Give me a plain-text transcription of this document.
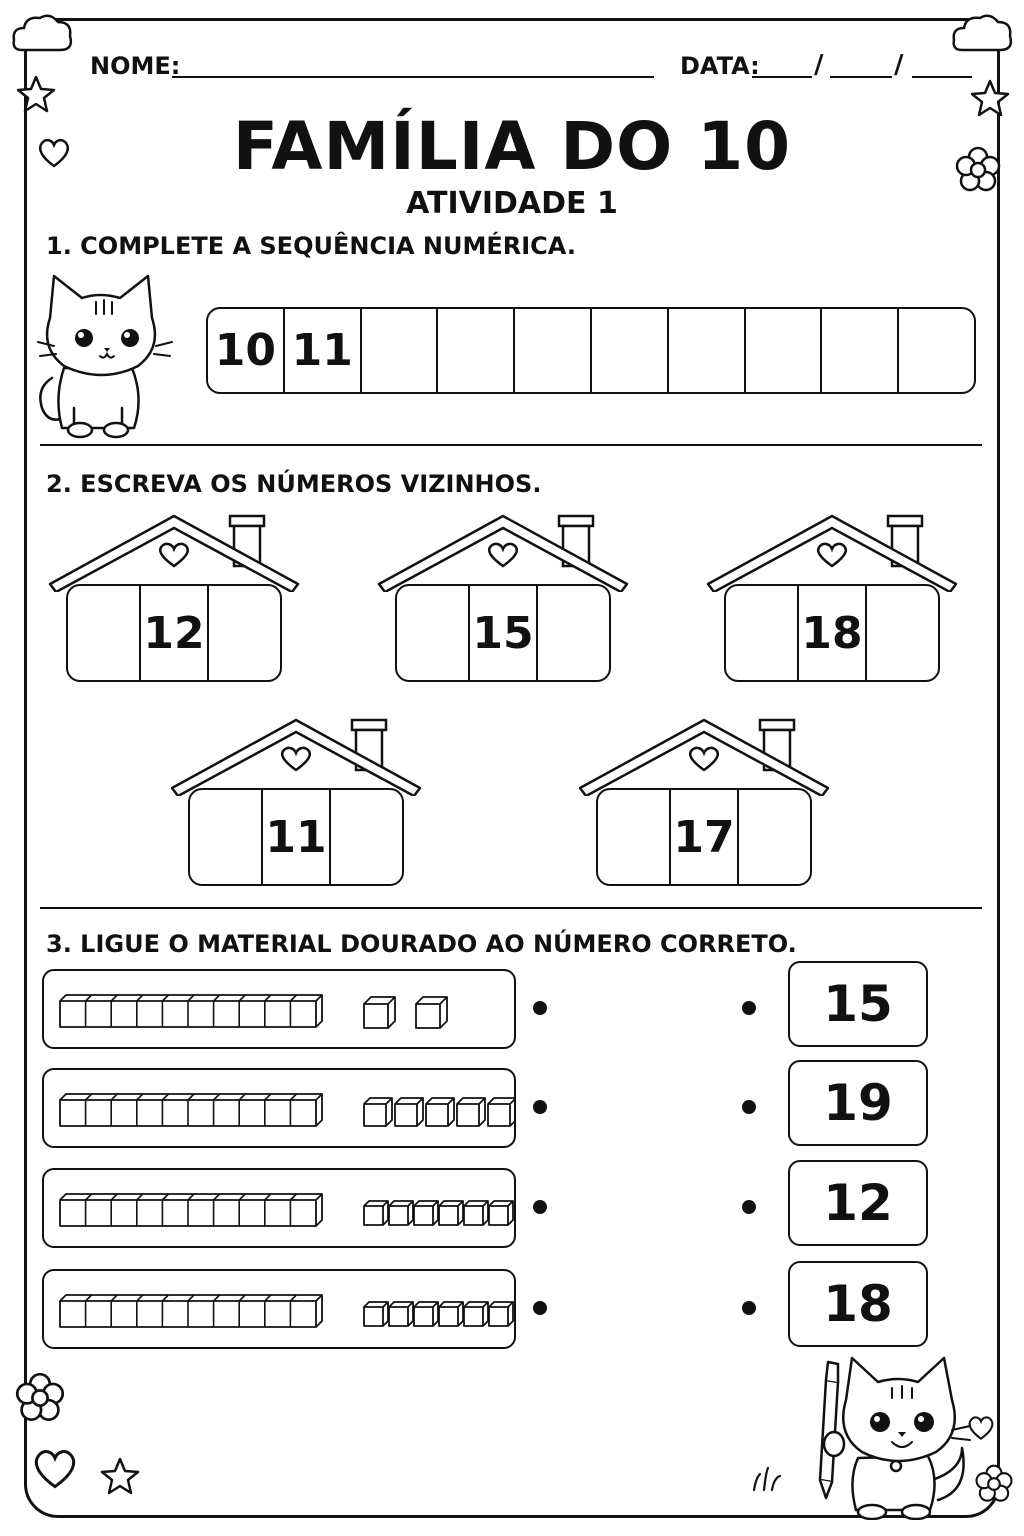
NOME:	DATA: /	/
FAMÍLIA DO 10
ATIVIDADE 1
1. COMPLETE A SEQUÊNCIA NUMÉRICA.
10 11
2. ESCREVA OS NÚMEROS VIZINHOS.
12	15	18
11	17
3. LIGUE O MATERIAL DOURADO AO NÚMERO CORRETO.
15
19
12
18
